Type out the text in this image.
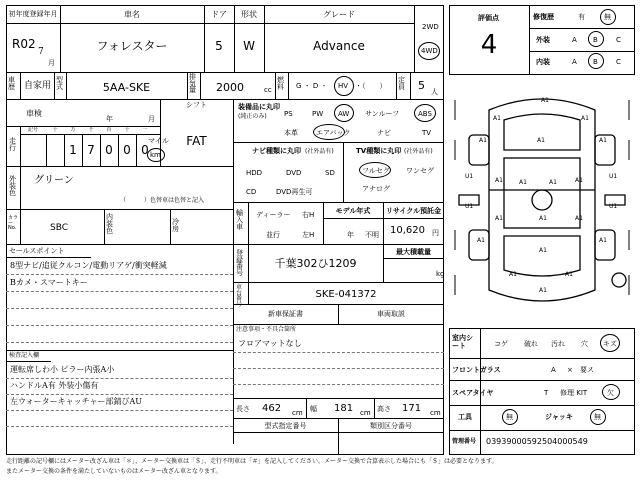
初年度登録年月
R02
7
月
車名
フォレスター
ドア
5
形状
W
グレード
Advance
2WD
4WD
車歴	自家用
型式	5AA-SKE
排気量	2000	cc
燃料 G ・ D ・ HV ・（　　）
定員 5 人
シフト
FAT
車検
年	月
走行
記号	十	万
1
千
7
百
0
十
0
一
0
マイル
km
外装色
グリーン
（　　　）色替車は色替と記入
カラー No.	SBC
内装色
冷房
装備品に丸印
(純正のみ) PS	PW AW サンルーフ	ABS
本革	エアバック	ナビ	TV
ナビ種類に丸印 (社外品有)
HDD	DVD	SD
CD	DVD再生可
TV種類に丸印 (社外品有)
フルセグ ワンセグ
アナログ
輸入車
ディーラー
並行
右H
左H
モデル年式
年 不明
リサイクル預託金
10,620 円
登録番号
千葉302ひ1209
最大積載量
kg
車台番号
SKE-041372
新車保証書	車両取説
セールスポイント
8型ナビ/追従クルコン/電動リアゲ/衝突軽減
Bカメ・スマートキー
注意事項・不具合箇所
フロアマットなし
検査記入欄
運転席しわ小 ピラー内張A小
ハンドルA有 外装小傷有
左ウォーターキャッチャー部錆びAU
長さ 462 cm 幅 181 cm 高さ 171 cm
型式指定番号	類別区分番号
評価点
4
修復歴	有	無
外装	A B	C
内装	A B	C
A1
A1	A1
A1
A1	A1
U1	U1
A1	A1
A1	A1
A1
A1	A1
U1	U1
A1	A1
A1
A1	A1
A1
室内シート	コゲ 破れ 汚れ 穴 キズ
フロントガラス	A × 要ス
スペアタイヤ	T 修理 KIT	欠
工具	無	ジャッキ	無
管理番号 03939000592504000549
走行距離の記号欄にはメーター改ざん車は「＊」、メーター交換車は「＄」、走行不明車は「＃」を記入してください。メーター交換で合算表示した場合にも「＄」は必要となります。
またメーター交換の条件を満たしていないものはメーター改ざん車となります。
